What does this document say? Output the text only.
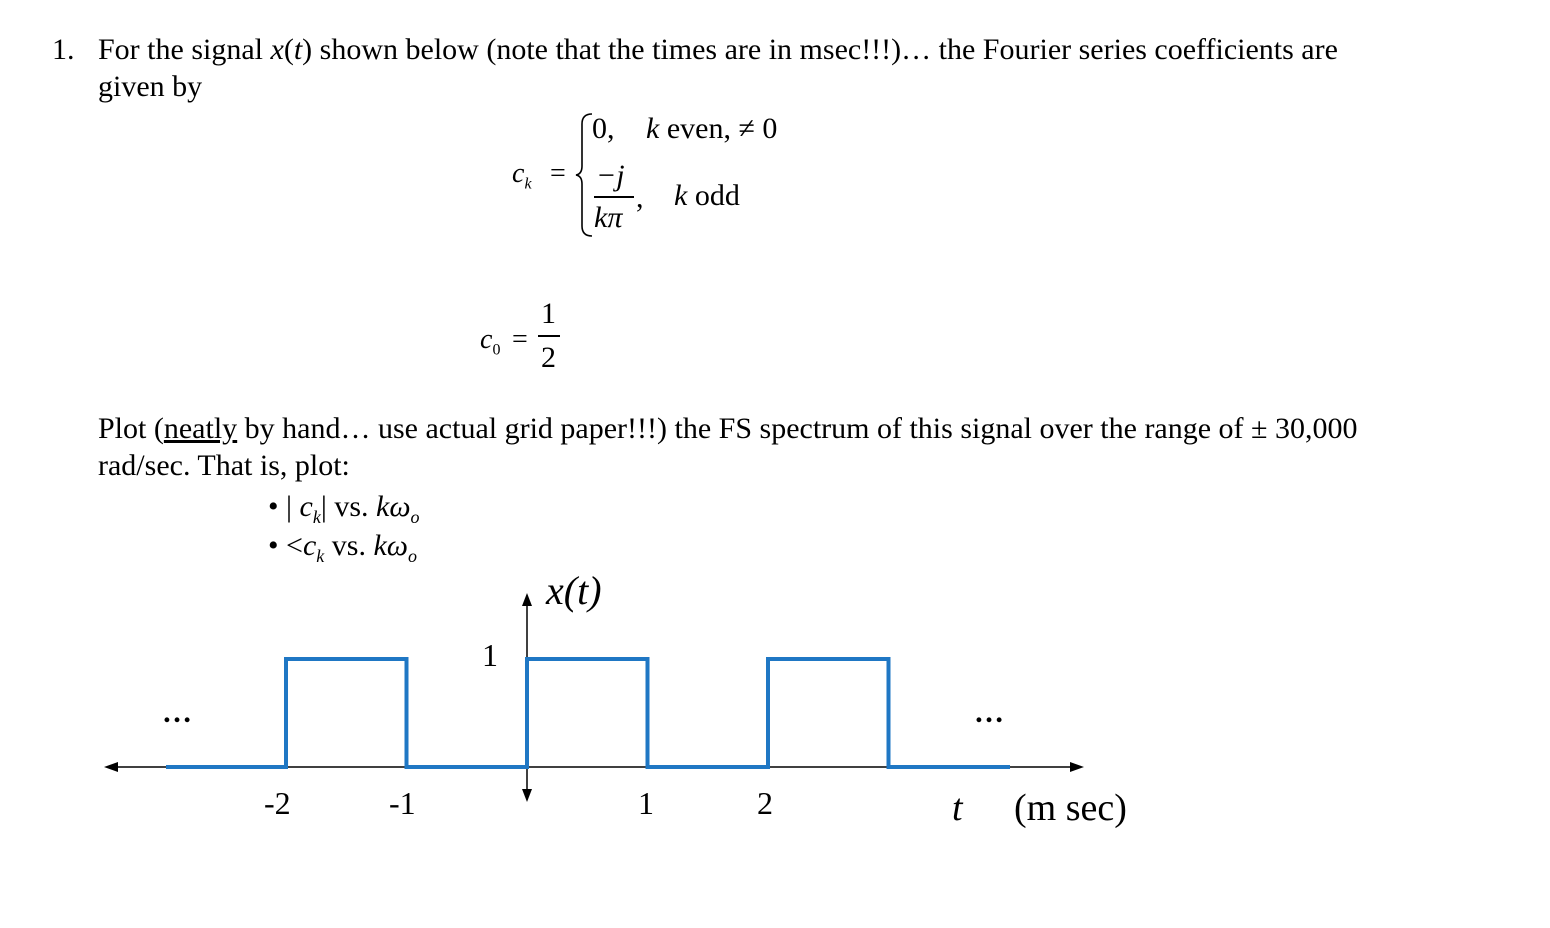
1. For the signal x(t) shown below (note that the times are in msec!!!)… the Fourier series coefficients are
given by
$c_k$ =
0, k even, ≠ 0
−j
kπ
, k odd
$c_0$ =
1
2
Plot (neatly by hand… use actual grid paper!!!) the FS spectrum of this signal over the range of ± 30,000
rad/sec. That is, plot:
• | $c_k|$ vs. $k\omega_o$
• $<c_k$ vs. $k\omega_o$
x(t)
1
…	…
-2	-1	1	2	t (m sec)
